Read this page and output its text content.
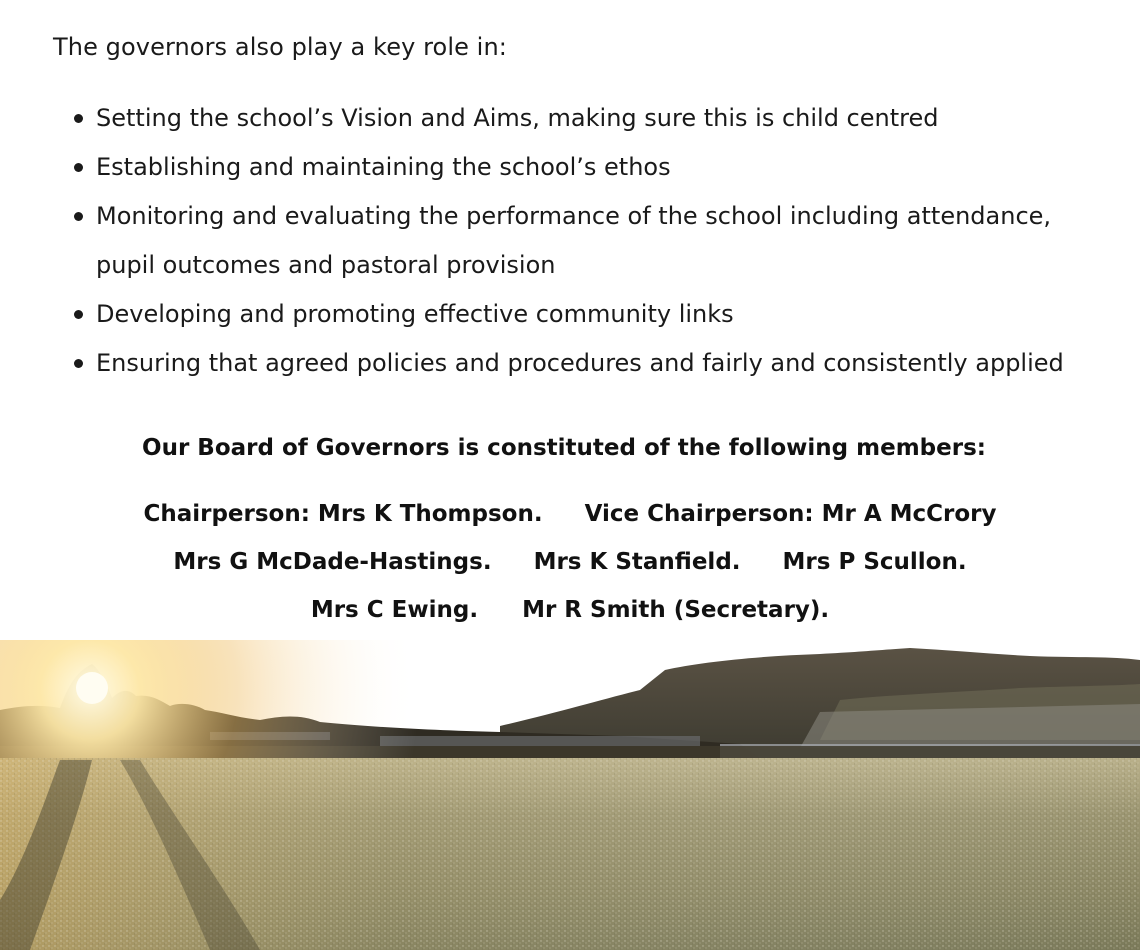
The governors also play a key role in:

Setting the school’s Vision and Aims, making sure this is child centred
Establishing and maintaining the school’s ethos
Monitoring and evaluating the performance of the school including attendance, pupil outcomes and pastoral provision
Developing and promoting effective community links
Ensuring that agreed policies and procedures and fairly and consistently applied
Our Board of Governors is constituted of the following members:
Chairperson: Mrs K Thompson. Vice Chairperson: Mr A McCrory
Mrs G McDade-Hastings. Mrs K Stanfield. Mrs P Scullon.
Mrs C Ewing. Mr R Smith (Secretary).
